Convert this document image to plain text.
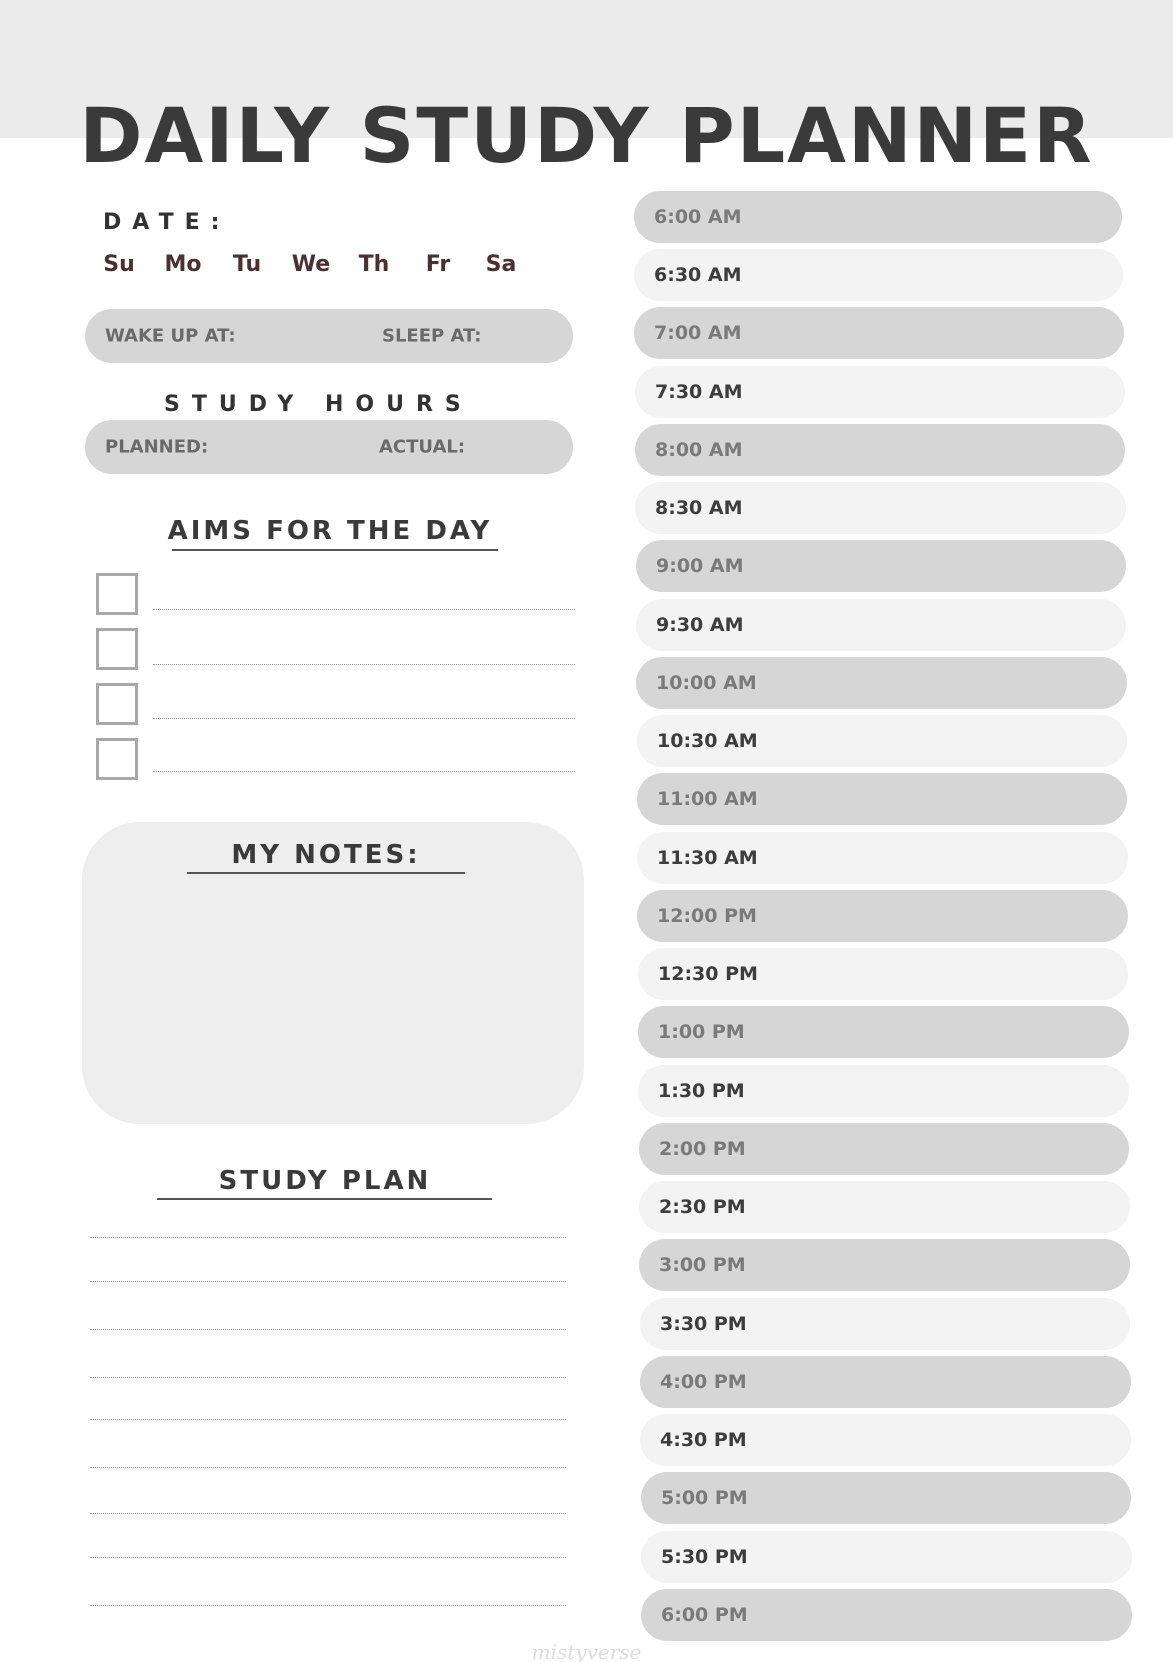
DAILY STUDY PLANNER
DATE:
Su Mo Tu We Th Fr Sa
WAKE UP AT:	SLEEP AT:
STUDY HOURS
PLANNED:	ACTUAL:
AIMS FOR THE DAY
MY NOTES:
STUDY PLAN
6:00 AM
6:30 AM
7:00 AM
7:30 AM
8:00 AM
8:30 AM
9:00 AM
9:30 AM
10:00 AM
10:30 AM
11:00 AM
11:30 AM
12:00 PM
12:30 PM
1:00 PM
1:30 PM
2:00 PM
2:30 PM
3:00 PM
3:30 PM
4:00 PM
4:30 PM
5:00 PM
5:30 PM
6:00 PM
mistyverse
